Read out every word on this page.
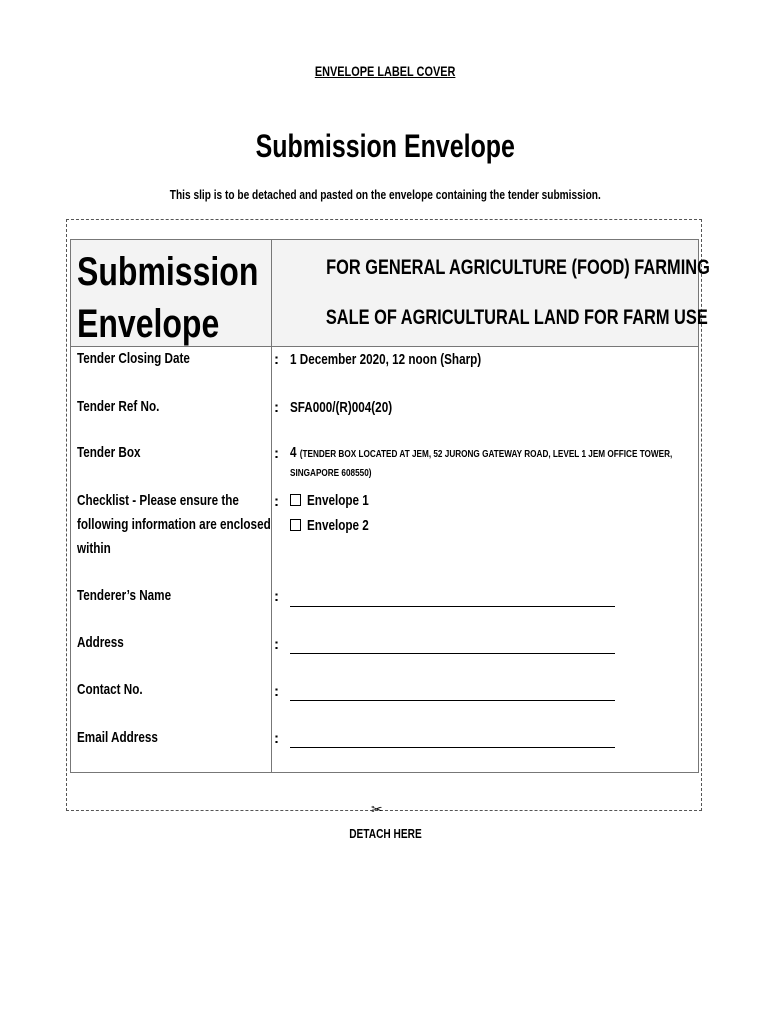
ENVELOPE LABEL COVER
Submission Envelope
This slip is to be detached and pasted on the envelope containing the tender submission.
Submission
Envelope
FOR GENERAL AGRICULTURE (FOOD) FARMING
SALE OF AGRICULTURAL LAND FOR FARM USE
Tender Closing Date	: 1 December 2020, 12 noon (Sharp)
Tender Ref No.	: SFA000/(R)004(20)
Tender Box	: 4 (TENDER BOX LOCATED AT JEM, 52 JURONG GATEWAY ROAD, LEVEL 1 JEM OFFICE TOWER,
SINGAPORE 608550)
Checklist - Please ensure the
following information are enclosed
within
:	Envelope 1
Envelope 2
Tenderer’s Name	:
Address	:
Contact No.	:
Email Address	:
✂
DETACH HERE
